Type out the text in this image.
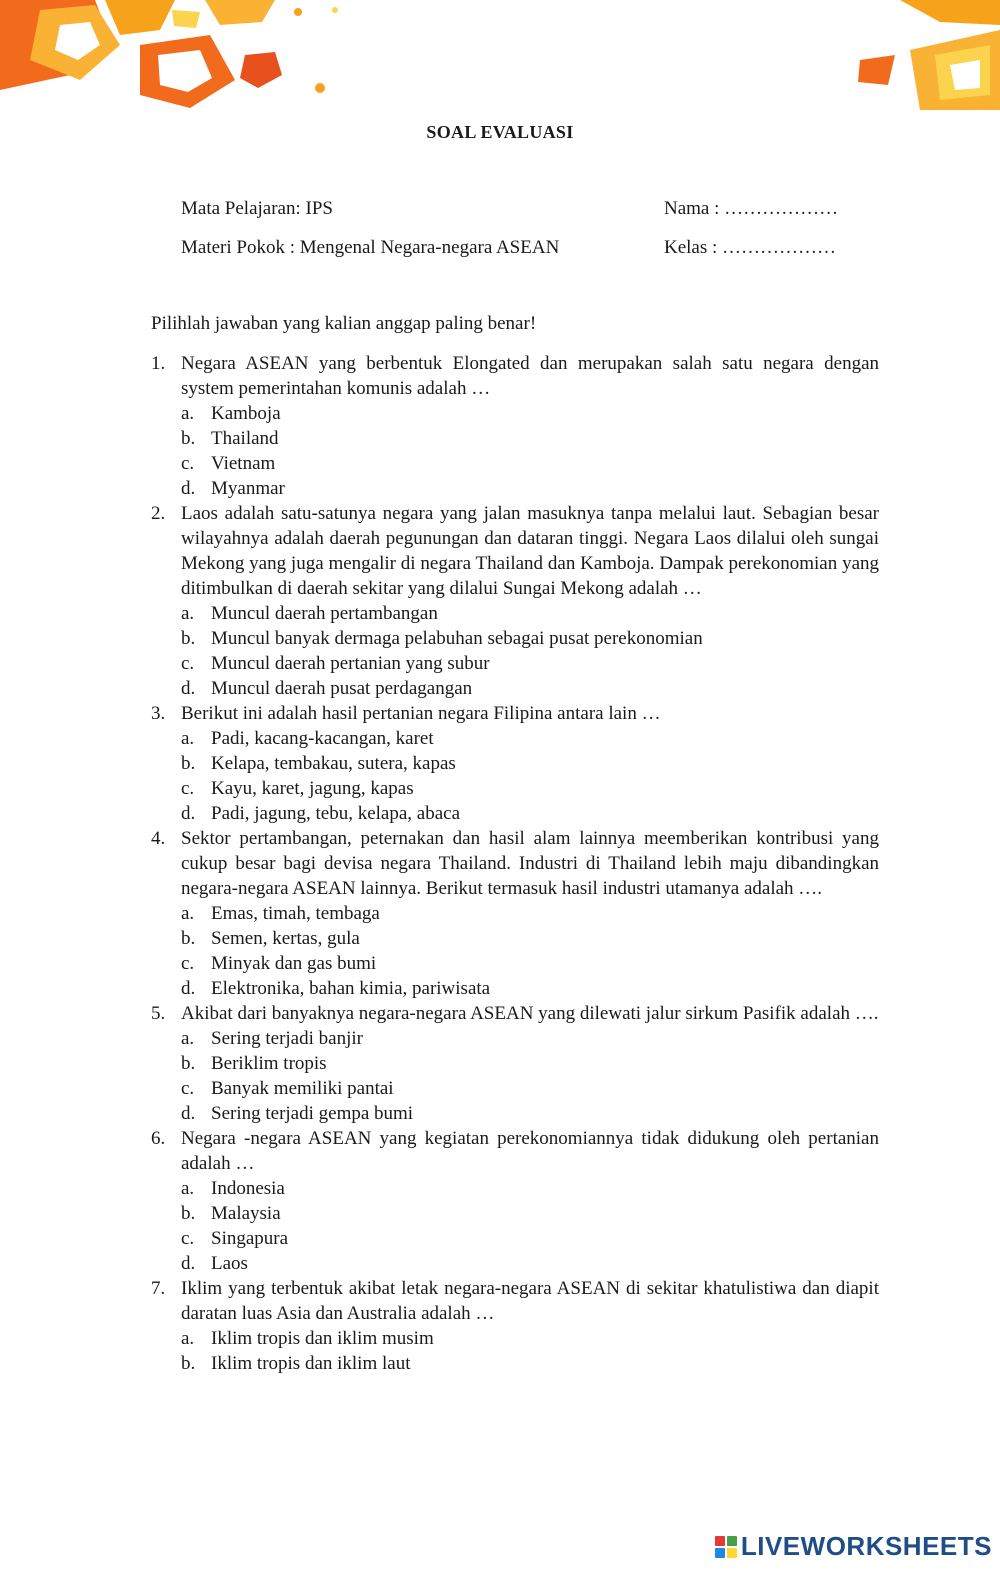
SOAL EVALUASI
Mata Pelajaran: IPS
Materi Pokok : Mengenal Negara-negara ASEAN
Nama : ………………
Kelas : ………………
Pilihlah jawaban yang kalian anggap paling benar!
1. Negara ASEAN yang berbentuk Elongated dan merupakan salah satu negara dengan system pemerintahan komunis adalah …
a. Kamboja
b. Thailand
c. Vietnam
d. Myanmar
2. Laos adalah satu-satunya negara yang jalan masuknya tanpa melalui laut. Sebagian besar wilayahnya adalah daerah pegunungan dan dataran tinggi. Negara Laos dilalui oleh sungai Mekong yang juga mengalir di negara Thailand dan Kamboja. Dampak perekonomian yang ditimbulkan di daerah sekitar yang dilalui Sungai Mekong adalah …
a. Muncul daerah pertambangan
b. Muncul banyak dermaga pelabuhan sebagai pusat perekonomian
c. Muncul daerah pertanian yang subur
d. Muncul daerah pusat perdagangan
3. Berikut ini adalah hasil pertanian negara Filipina antara lain …
a. Padi, kacang-kacangan, karet
b. Kelapa, tembakau, sutera, kapas
c. Kayu, karet, jagung, kapas
d. Padi, jagung, tebu, kelapa, abaca
4. Sektor pertambangan, peternakan dan hasil alam lainnya meemberikan kontribusi yang cukup besar bagi devisa negara Thailand. Industri di Thailand lebih maju dibandingkan negara-negara ASEAN lainnya. Berikut termasuk hasil industri utamanya adalah ….
a. Emas, timah, tembaga
b. Semen, kertas, gula
c. Minyak dan gas bumi
d. Elektronika, bahan kimia, pariwisata
5. Akibat dari banyaknya negara-negara ASEAN yang dilewati jalur sirkum Pasifik adalah ….
a. Sering terjadi banjir
b. Beriklim tropis
c. Banyak memiliki pantai
d. Sering terjadi gempa bumi
6. Negara -negara ASEAN yang kegiatan perekonomiannya tidak didukung oleh pertanian adalah …
a. Indonesia
b. Malaysia
c. Singapura
d. Laos
7. Iklim yang terbentuk akibat letak negara-negara ASEAN di sekitar khatulistiwa dan diapit daratan luas Asia dan Australia adalah …
a. Iklim tropis dan iklim musim
b. Iklim tropis dan iklim laut
LIVEWORKSHEETS
